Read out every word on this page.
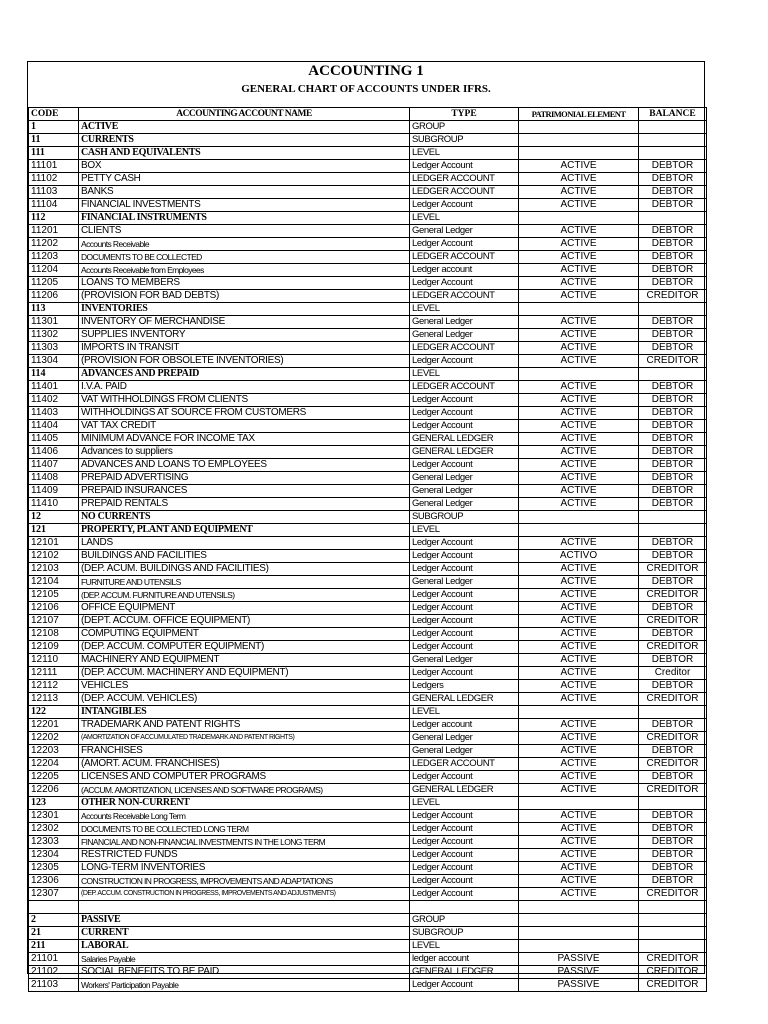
ACCOUNTING 1
GENERAL CHART OF ACCOUNTS UNDER IFRS.
CODE	ACCOUNTING ACCOUNT NAME	TYPE	PATRIMONIAL ELEMENT	BALANCE
1	ACTIVE	GROUP		
11	CURRENTS	SUBGROUP		
111	CASH AND EQUIVALENTS	LEVEL		
11101	BOX	Ledger Account	ACTIVE	DEBTOR
11102	PETTY CASH	LEDGER ACCOUNT	ACTIVE	DEBTOR
11103	BANKS	LEDGER ACCOUNT	ACTIVE	DEBTOR
11104	FINANCIAL INVESTMENTS	Ledger Account	ACTIVE	DEBTOR
112	FINANCIAL INSTRUMENTS	LEVEL		
11201	CLIENTS	General Ledger	ACTIVE	DEBTOR
11202	Accounts Receivable	Ledger Account	ACTIVE	DEBTOR
11203	DOCUMENTS TO BE COLLECTED	LEDGER ACCOUNT	ACTIVE	DEBTOR
11204	Accounts Receivable from Employees	Ledger account	ACTIVE	DEBTOR
11205	LOANS TO MEMBERS	Ledger Account	ACTIVE	DEBTOR
11206	(PROVISION FOR BAD DEBTS)	LEDGER ACCOUNT	ACTIVE	CREDITOR
113	INVENTORIES	LEVEL		
11301	INVENTORY OF MERCHANDISE	General Ledger	ACTIVE	DEBTOR
11302	SUPPLIES INVENTORY	General Ledger	ACTIVE	DEBTOR
11303	IMPORTS IN TRANSIT	LEDGER ACCOUNT	ACTIVE	DEBTOR
11304	(PROVISION FOR OBSOLETE INVENTORIES)	Ledger Account	ACTIVE	CREDITOR
114	ADVANCES AND PREPAID	LEVEL		
11401	I.V.A. PAID	LEDGER ACCOUNT	ACTIVE	DEBTOR
11402	VAT WITHHOLDINGS FROM CLIENTS	Ledger Account	ACTIVE	DEBTOR
11403	WITHHOLDINGS AT SOURCE FROM CUSTOMERS	Ledger Account	ACTIVE	DEBTOR
11404	VAT TAX CREDIT	Ledger Account	ACTIVE	DEBTOR
11405	MINIMUM ADVANCE FOR INCOME TAX	GENERAL LEDGER	ACTIVE	DEBTOR
11406	Advances to suppliers	GENERAL LEDGER	ACTIVE	DEBTOR
11407	ADVANCES AND LOANS TO EMPLOYEES	Ledger Account	ACTIVE	DEBTOR
11408	PREPAID ADVERTISING	General Ledger	ACTIVE	DEBTOR
11409	PREPAID INSURANCES	General Ledger	ACTIVE	DEBTOR
11410	PREPAID RENTALS	General Ledger	ACTIVE	DEBTOR
12	NO CURRENTS	SUBGROUP		
121	PROPERTY, PLANT AND EQUIPMENT	LEVEL		
12101	LANDS	Ledger Account	ACTIVE	DEBTOR
12102	BUILDINGS AND FACILITIES	Ledger Account	ACTIVO	DEBTOR
12103	(DEP. ACUM. BUILDINGS AND FACILITIES)	Ledger Account	ACTIVE	CREDITOR
12104	FURNITURE AND UTENSILS	General Ledger	ACTIVE	DEBTOR
12105	(DEP. ACCUM. FURNITURE AND UTENSILS)	Ledger Account	ACTIVE	CREDITOR
12106	OFFICE EQUIPMENT	Ledger Account	ACTIVE	DEBTOR
12107	(DEPT. ACCUM. OFFICE EQUIPMENT)	Ledger Account	ACTIVE	CREDITOR
12108	COMPUTING EQUIPMENT	Ledger Account	ACTIVE	DEBTOR
12109	(DEP. ACCUM. COMPUTER EQUIPMENT)	Ledger Account	ACTIVE	CREDITOR
12110	MACHINERY AND EQUIPMENT	General Ledger	ACTIVE	DEBTOR
12111	(DEP. ACCUM. MACHINERY AND EQUIPMENT)	Ledger Account	ACTIVE	Creditor
12112	VEHICLES	Ledgers	ACTIVE	DEBTOR
12113	(DEP. ACCUM. VEHICLES)	GENERAL LEDGER	ACTIVE	CREDITOR
122	INTANGIBLES	LEVEL		
12201	TRADEMARK AND PATENT RIGHTS	Ledger account	ACTIVE	DEBTOR
12202	(AMORTIZATION OF ACCUMULATED TRADEMARK AND PATENT RIGHTS)	General Ledger	ACTIVE	CREDITOR
12203	FRANCHISES	General Ledger	ACTIVE	DEBTOR
12204	(AMORT. ACUM. FRANCHISES)	LEDGER ACCOUNT	ACTIVE	CREDITOR
12205	LICENSES AND COMPUTER PROGRAMS	Ledger Account	ACTIVE	DEBTOR
12206	(ACCUM. AMORTIZATION, LICENSES AND SOFTWARE PROGRAMS)	GENERAL LEDGER	ACTIVE	CREDITOR
123	OTHER NON-CURRENT	LEVEL		
12301	Accounts Receivable Long Term	Ledger Account	ACTIVE	DEBTOR
12302	DOCUMENTS TO BE COLLECTED LONG TERM	Ledger Account	ACTIVE	DEBTOR
12303	FINANCIAL AND NON-FINANCIAL INVESTMENTS IN THE LONG TERM	Ledger Account	ACTIVE	DEBTOR
12304	RESTRICTED FUNDS	Ledger Account	ACTIVE	DEBTOR
12305	LONG-TERM INVENTORIES	Ledger Account	ACTIVE	DEBTOR
12306	CONSTRUCTION IN PROGRESS, IMPROVEMENTS AND ADAPTATIONS	Ledger Account	ACTIVE	DEBTOR
12307	(DEP. ACCUM. CONSTRUCTION IN PROGRESS, IMPROVEMENTS AND ADJUSTMENTS)	Ledger Account	ACTIVE	CREDITOR

2	PASSIVE	GROUP		
21	CURRENT	SUBGROUP		
211	LABORAL	LEVEL		
21101	Salaries Payable	ledger account	PASSIVE	CREDITOR
21102	SOCIAL BENEFITS TO BE PAID	GENERAL LEDGER	PASSIVE	CREDITOR
21103	Workers' Participation Payable	Ledger Account	PASSIVE	CREDITOR
